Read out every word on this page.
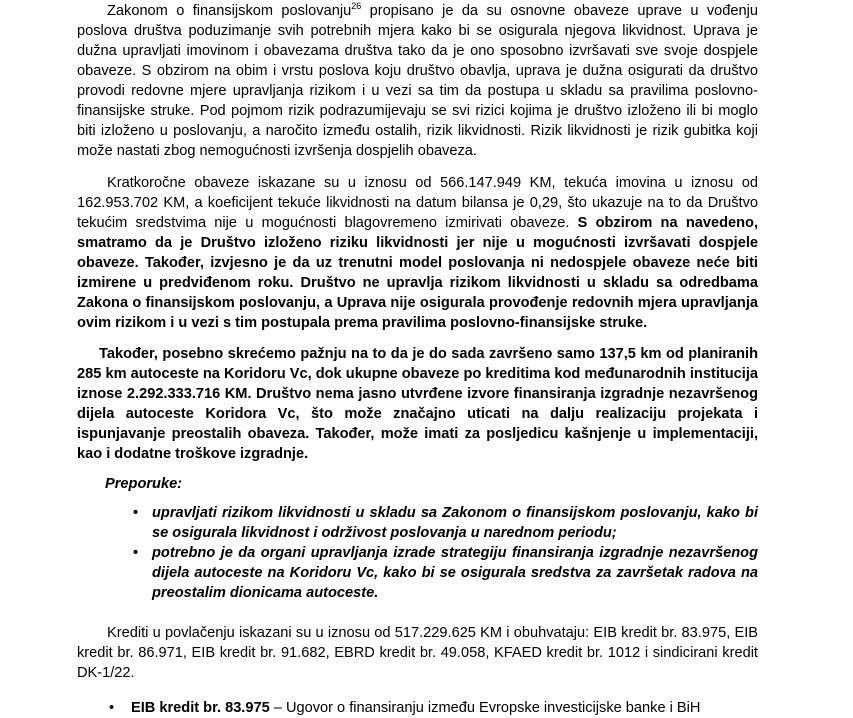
Zakonom o finansijskom poslovanju$^{26}$ propisano je da su osnovne obaveze uprave u vođenju poslova društva poduzimanje svih potrebnih mjera kako bi se osigurala njegova likvidnost. Uprava je dužna upravljati imovinom i obavezama društva tako da je ono sposobno izvršavati sve svoje dospjele obaveze. S obzirom na obim i vrstu poslova koju društvo obavlja, uprava je dužna osigurati da društvo provodi redovne mjere upravljanja rizikom i u vezi sa tim da postupa u skladu sa pravilima poslovno-finansijske struke. Pod pojmom rizik podrazumijevaju se svi rizici kojima je društvo izloženo ili bi moglo biti izloženo u poslovanju, a naročito između ostalih, rizik likvidnosti. Rizik likvidnosti je rizik gubitka koji može nastati zbog nemogućnosti izvršenja dospjelih obaveza.

Kratkoročne obaveze iskazane su u iznosu od 566.147.949 KM, tekuća imovina u iznosu od 162.953.702 KM, a koeficijent tekuće likvidnosti na datum bilansa je 0,29, što ukazuje na to da Društvo tekućim sredstvima nije u mogućnosti blagovremeno izmirivati obaveze. S obzirom na navedeno, smatramo da je Društvo izloženo riziku likvidnosti jer nije u mogućnosti izvršavati dospjele obaveze. Također, izvjesno je da uz trenutni model poslovanja ni nedospjele obaveze neće biti izmirene u predviđenom roku. Društvo ne upravlja rizikom likvidnosti u skladu sa odredbama Zakona o finansijskom poslovanju, a Uprava nije osigurala provođenje redovnih mjera upravljanja ovim rizikom i u vezi s tim postupala prema pravilima poslovno-finansijske struke.

Također, posebno skrećemo pažnju na to da je do sada završeno samo 137,5 km od planiranih 285 km autoceste na Koridoru Vc, dok ukupne obaveze po kreditima kod međunarodnih institucija iznose 2.292.333.716 KM. Društvo nema jasno utvrđene izvore finansiranja izgradnje nezavršenog dijela autoceste Koridora Vc, što može značajno uticati na dalju realizaciju projekata i ispunjavanje preostalih obaveza. Također, može imati za posljedicu kašnjenje u implementaciji, kao i dodatne troškove izgradnje.

Preporuke:
• upravljati rizikom likvidnosti u skladu sa Zakonom o finansijskom poslovanju, kako bi se osigurala likvidnost i održivost poslovanja u narednom periodu;
• potrebno je da organi upravljanja izrade strategiju finansiranja izgradnje nezavršenog dijela autoceste na Koridoru Vc, kako bi se osigurala sredstva za završetak radova na preostalim dionicama autoceste.

Krediti u povlačenju iskazani su u iznosu od 517.229.625 KM i obuhvataju: EIB kredit br. 83.975, EIB kredit br. 86.971, EIB kredit br. 91.682, EBRD kredit br. 49.058, KFAED kredit br. 1012 i sindicirani kredit DK-1/22.

• EIB kredit br. 83.975 – Ugovor o finansiranju između Evropske investicijske banke i BiH
